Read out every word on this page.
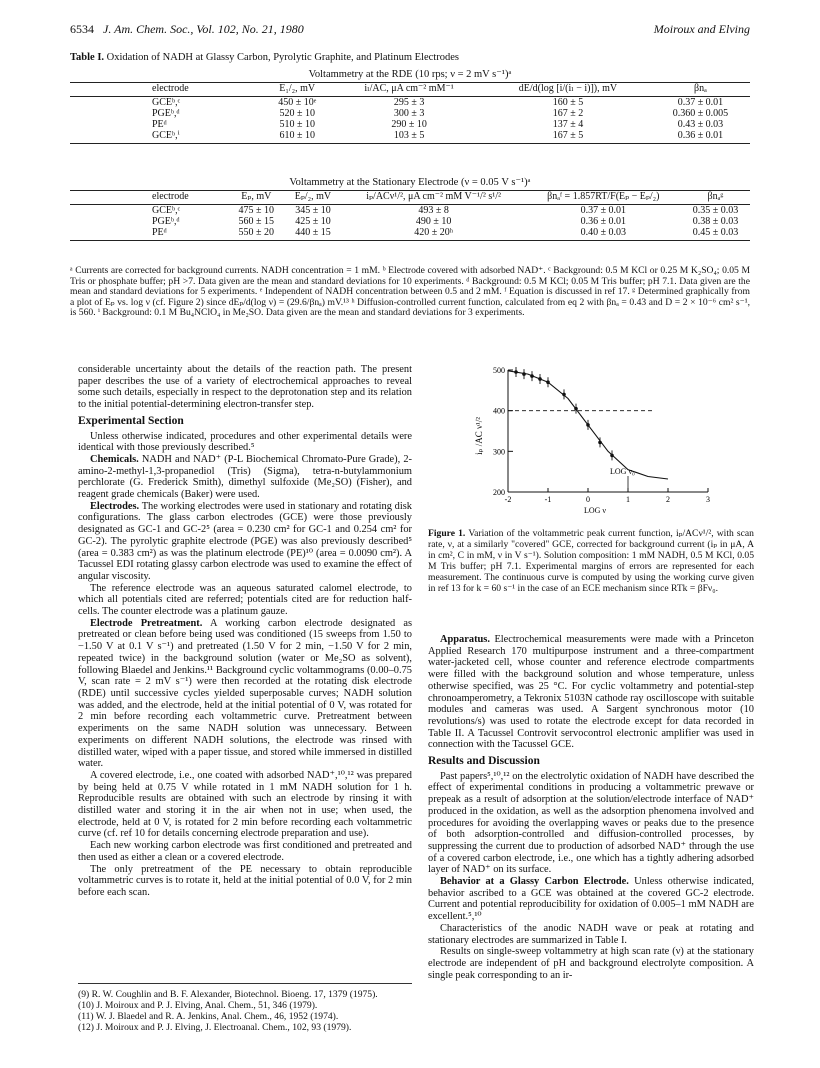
6534 J. Am. Chem. Soc., Vol. 102, No. 21, 1980	Moiroux and Elving
Table I. Oxidation of NADH at Glassy Carbon, Pyrolytic Graphite, and Platinum Electrodes
Voltammetry at the RDE (10 rps; ν = 2 mV s⁻¹)ᵃ
electrode	E₁/₂, mV	iₗ/AC, μA cm⁻² mM⁻¹	dE/d(log [i/(iₗ − i)]), mV	βnₐ

GCEᵇ,ᶜ	450 ± 10ᵉ	295 ± 3	160 ± 5	0.37 ± 0.01
PGEᵇ,ᵈ	520 ± 10	300 ± 3	167 ± 2	0.360 ± 0.005
PEᵈ	510 ± 10	290 ± 10	137 ± 4	0.43 ± 0.03
GCEᵇ,ⁱ	610 ± 10	103 ± 5	167 ± 5	0.36 ± 0.01
Voltammetry at the Stationary Electrode (ν = 0.05 V s⁻¹)ᵃ
electrode	Eₚ, mV	Eₚ/₂, mV	iₚ/ACν¹/², μA cm⁻² mM V⁻¹/² s¹/²	βnₐᶠ = 1.857RT/F(Eₚ − Eₚ/₂)	βnₐᵍ

GCEᵇ,ᶜ	475 ± 10	345 ± 10	493 ± 8	0.37 ± 0.01	0.35 ± 0.03
PGEᵇ,ᵈ	560 ± 15	425 ± 10	490 ± 10	0.36 ± 0.01	0.38 ± 0.03
PEᵈ	550 ± 20	440 ± 15	420 ± 20ʰ	0.40 ± 0.03	0.45 ± 0.03
ᵃ Currents are corrected for background currents. NADH concentration = 1 mM. ᵇ Electrode covered with adsorbed NAD⁺. ᶜ Background: 0.5 M KCl or 0.25 M K₂SO₄; 0.05 M Tris or phosphate buffer; pH >7. Data given are the mean and standard deviations for 10 experiments. ᵈ Background: 0.5 M KCl; 0.05 M Tris buffer; pH 7.1. Data given are the mean and standard deviations for 5 experiments. ᵉ Independent of NADH concentration between 0.5 and 2 mM. ᶠ Equation is discussed in ref 17. ᵍ Determined graphically from a plot of Eₚ vs. log ν (cf. Figure 2) since dEₚ/d(log ν) = (29.6/βnₐ) mV.¹³ ʰ Diffusion-controlled current function, calculated from eq 2 with βnₐ = 0.43 and D = 2 × 10⁻⁶ cm² s⁻¹, is 560. ⁱ Background: 0.1 M Bu₄NClO₄ in Me₂SO. Data given are the mean and standard deviations for 3 experiments.

considerable uncertainty about the details of the reaction path. The present paper describes the use of a variety of electrochemical approaches to reveal some such details, especially in respect to the deprotonation step and its relation to the initial potential-determining electron-transfer step.

Experimental Section

Unless otherwise indicated, procedures and other experimental details were identical with those previously described.⁵

Chemicals. NADH and NAD⁺ (P-L Biochemical Chromato-Pure Grade), 2-amino-2-methyl-1,3-propanediol (Tris) (Sigma), tetra-n-butylammonium perchlorate (G. Frederick Smith), dimethyl sulfoxide (Me₂SO) (Fisher), and reagent grade chemicals (Baker) were used.

Electrodes. The working electrodes were used in stationary and rotating disk configurations. The glass carbon electrodes (GCE) were those previously designated as GC-1 and GC-2⁵ (area = 0.230 cm² for GC-1 and 0.254 cm² for GC-2). The pyrolytic graphite electrode (PGE) was also previously described⁵ (area = 0.383 cm²) as was the platinum electrode (PE)¹⁰ (area = 0.0090 cm²). A Tacussel EDI rotating glassy carbon electrode was used to examine the effect of angular viscosity.

The reference electrode was an aqueous saturated calomel electrode, to which all potentials cited are referred; potentials cited are for reduction half-cells. The counter electrode was a platinum gauze.

Electrode Pretreatment. A working carbon electrode designated as pretreated or clean before being used was conditioned (15 sweeps from 1.50 to −1.50 V at 0.1 V s⁻¹) and pretreated (1.50 V for 2 min, −1.50 V for 2 min, repeated twice) in the background solution (water or Me₂SO as solvent), following Blaedel and Jenkins.¹¹ Background cyclic voltammograms (0.00–0.75 V, scan rate = 2 mV s⁻¹) were then recorded at the rotating disk electrode (RDE) until successive cycles yielded superposable curves; NADH solution was added, and the electrode, held at the initial potential of 0 V, was rotated for 2 min before recording each voltammetric curve. Pretreatment between experiments on the same NADH solution was unnecessary. Between experiments on different NADH solutions, the electrode was rinsed with distilled water, wiped with a paper tissue, and stored while immersed in distilled water.

A covered electrode, i.e., one coated with adsorbed NAD⁺,¹⁰,¹² was prepared by being held at 0.75 V while rotated in 1 mM NADH solution for 1 h. Reproducible results are obtained with such an electrode by rinsing it with distilled water and storing it in the air when not in use; when used, the electrode, held at 0 V, is rotated for 2 min before recording each voltammetric curve (cf. ref 10 for details concerning electrode preparation and use).

Each new working carbon electrode was first conditioned and pretreated and then used as either a clean or a covered electrode.

The only pretreatment of the PE necessary to obtain reproducible voltammetric curves is to rotate it, held at the initial potential of 0.0 V, for 2 min before each scan.

(9) R. W. Coughlin and B. F. Alexander, Biotechnol. Bioeng. 17, 1379 (1975).
(10) J. Moiroux and P. J. Elving, Anal. Chem., 51, 346 (1979).
(11) W. J. Blaedel and R. A. Jenkins, Anal. Chem., 46, 1952 (1974).
(12) J. Moiroux and P. J. Elving, J. Electroanal. Chem., 102, 93 (1979).
iₚ /AC ν¹/²
LOG ν
200
300
400
500
-2	-1	0	1	2	3
LOG ν₀
Figure 1. Variation of the voltammetric peak current function, iₚ/ACν¹/², with scan rate, ν, at a similarly "covered" GCE, corrected for background current (iₚ in μA, A in cm², C in mM, ν in V s⁻¹). Solution composition: 1 mM NADH, 0.5 M KCl, 0.05 M Tris buffer; pH 7.1. Experimental margins of errors are represented for each measurement. The continuous curve is computed by using the working curve given in ref 13 for k = 60 s⁻¹ in the case of an ECE mechanism since RTk = βFν₀.

Apparatus. Electrochemical measurements were made with a Princeton Applied Research 170 multipurpose instrument and a three-compartment water-jacketed cell, whose counter and reference electrode compartments were filled with the background solution and whose temperature, unless otherwise specified, was 25 °C. For cyclic voltammetry and potential-step chronoamperometry, a Tekronix 5103N cathode ray oscilloscope with suitable modules and cameras was used. A Sargent synchronous motor (10 revolutions/s) was used to rotate the electrode except for data recorded in Table II. A Tacussel Controvit servocontrol electronic amplifier was used in connection with the Tacussel GCE.

Results and Discussion

Past papers⁵,¹⁰,¹² on the electrolytic oxidation of NADH have described the effect of experimental conditions in producing a voltammetric prewave or prepeak as a result of adsorption at the solution/electrode interface of NAD⁺ produced in the oxidation, as well as the adsorption phenomena involved and procedures for avoiding the overlapping waves or peaks due to the presence of both adsorption-controlled and diffusion-controlled processes, by suppressing the current due to production of adsorbed NAD⁺ through the use of a covered carbon electrode, i.e., one which has a tightly adhering adsorbed layer of NAD⁺ on its surface.

Behavior at a Glassy Carbon Electrode. Unless otherwise indicated, behavior ascribed to a GCE was obtained at the covered GC-2 electrode. Current and potential reproducibility for oxidation of 0.005–1 mM NADH are excellent.⁵,¹⁰

Characteristics of the anodic NADH wave or peak at rotating and stationary electrodes are summarized in Table I.

Results on single-sweep voltammetry at high scan rate (ν) at the stationary electrode are independent of pH and background electrolyte composition. A single peak corresponding to an ir-
